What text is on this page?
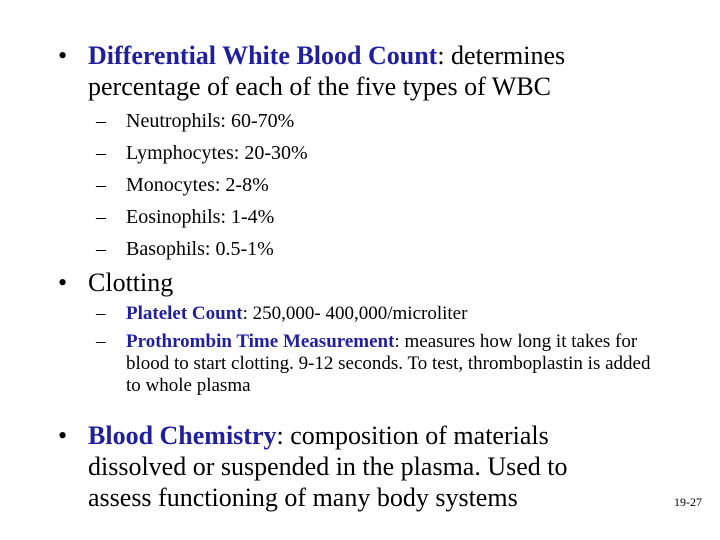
• Differential White Blood Count: determines percentage of each of the five types of WBC
–	Neutrophils: 60-70%
–	Lymphocytes: 20-30%
–	Monocytes: 2-8%
–	Eosinophils: 1-4%
–	Basophils: 0.5-1%
• Clotting
–	Platelet Count: 250,000- 400,000/microliter
–	Prothrombin Time Measurement: measures how long it takes for blood to start clotting. 9-12 seconds. To test, thromboplastin is added to whole plasma
• Blood Chemistry: composition of materials dissolved or suspended in the plasma. Used to assess functioning of many body systems	19-27
